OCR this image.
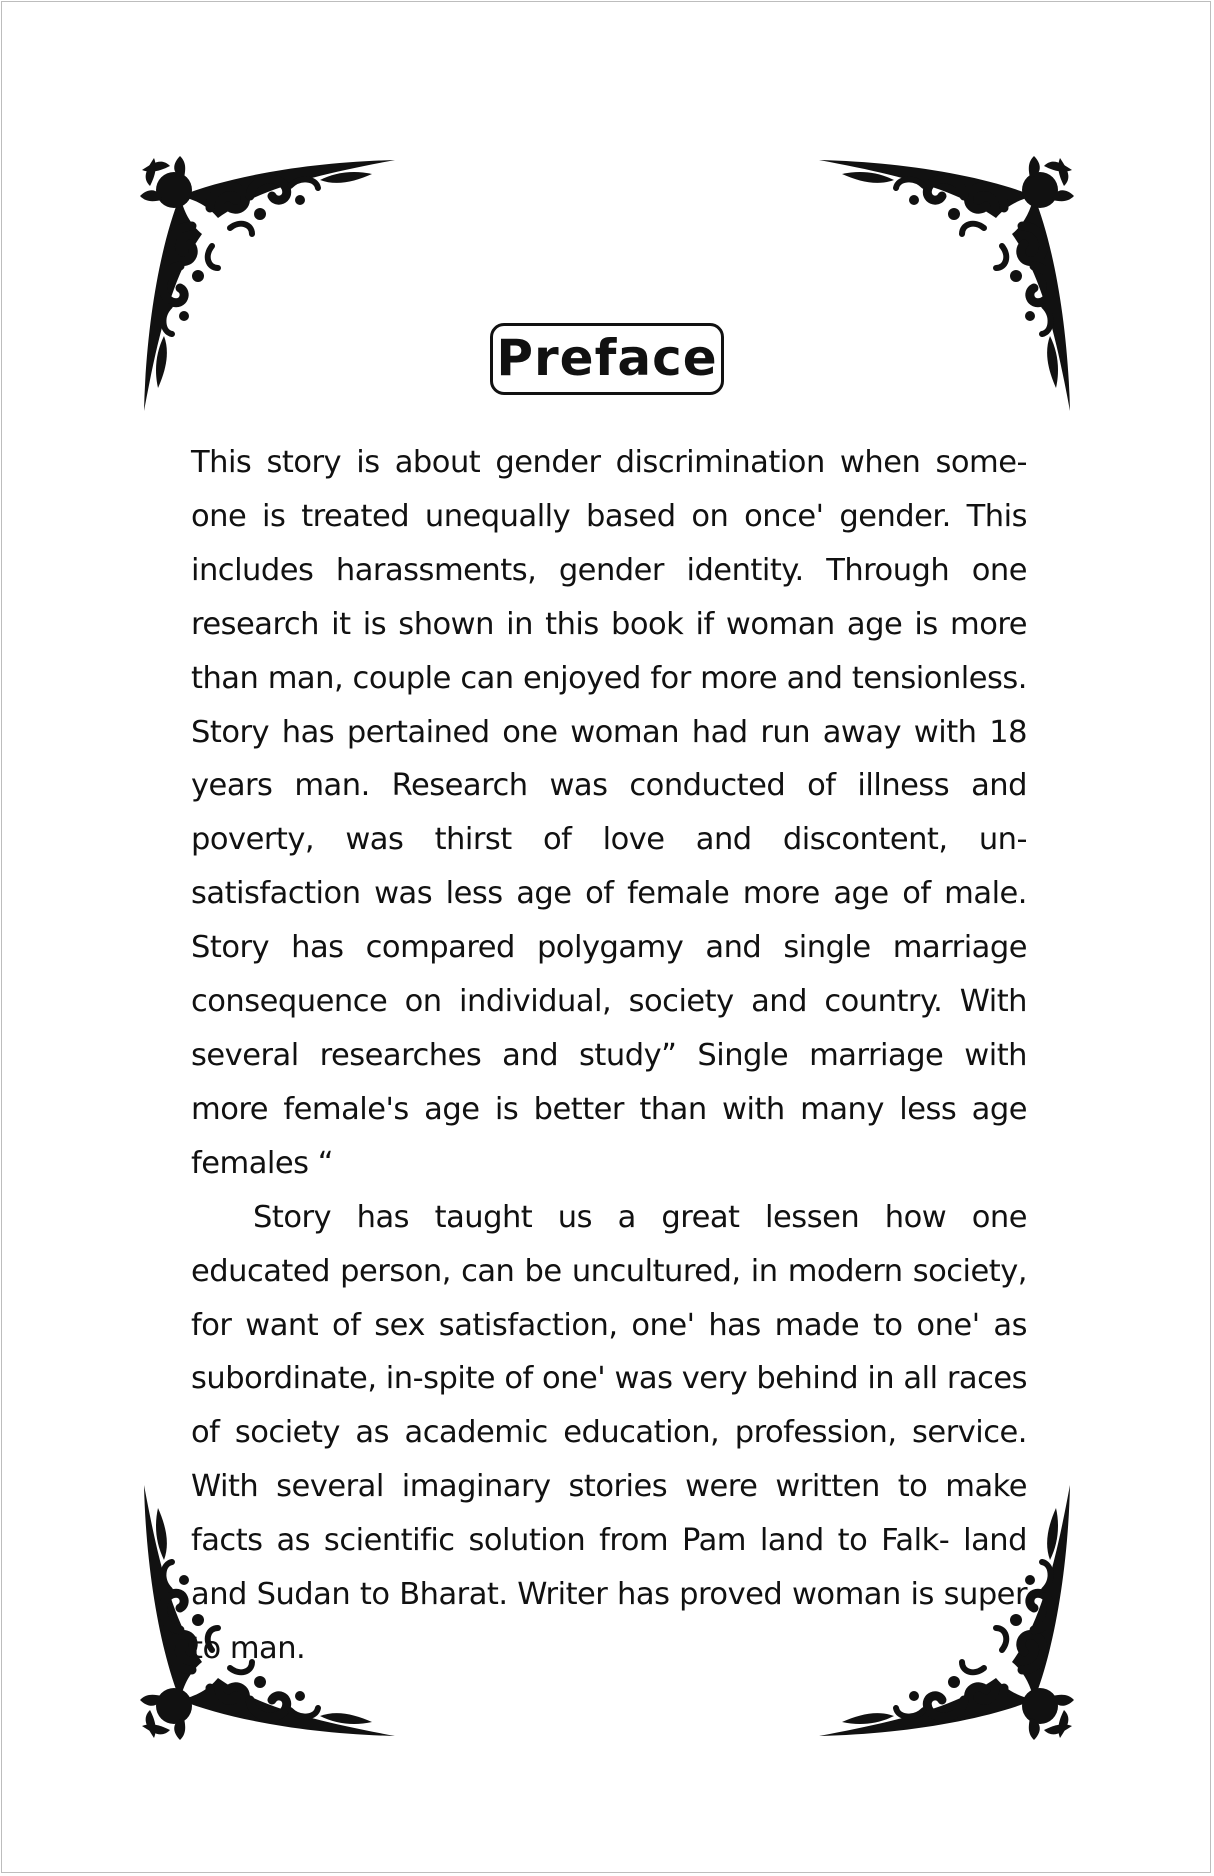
Preface

This story is about gender discrimination when some-one is treated unequally based on once' gender. This includes harassments, gender identity. Through one research it is shown in this book if woman age is more than man, couple can enjoyed for more and tensionless. Story has pertained one woman had run away with 18 years man. Research was conducted of illness and poverty, was thirst of love and discontent, un-satisfaction was less age of female more age of male. Story has compared polygamy and single marriage consequence on individual, society and country. With several researches and study” Single marriage with more female's age is better than with many less age females “

Story has taught us a great lessen how one educated person, can be uncultured, in modern society, for want of sex satisfaction, one' has made to one' as subordinate, in-spite of one' was very behind in all races of society as academic education, profession, service. With several imaginary stories were written to make facts as scientific solution from Pam land to Falk- land and Sudan to Bharat. Writer has proved woman is super to man.
